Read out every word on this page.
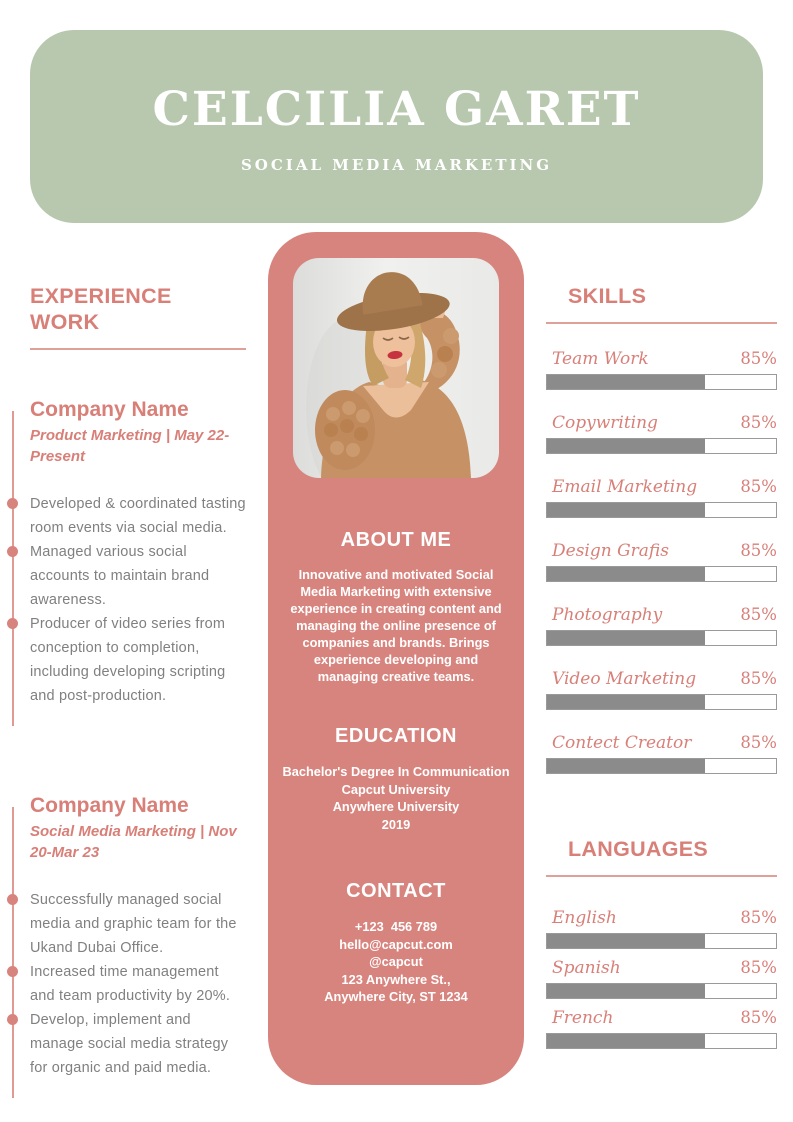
CELCILIA GARET
SOCIAL MEDIA MARKETING
EXPERIENCE WORK
Company Name

Product Marketing | May 22-Present

Developed & coordinated tasting room events via social media.
Managed various social accounts to maintain brand awareness.
Producer of video series from conception to completion, including developing scripting and post-production.
Company Name

Social Media Marketing | Nov 20-Mar 23

Successfully managed social media and graphic team for the Ukand Dubai Office.
Increased time management and team productivity by 20%.
Develop, implement and manage social media strategy for organic and paid media.
ABOUT ME
Innovative and motivated Social Media Marketing with extensive experience in creating content and managing the online presence of companies and brands. Brings experience developing and managing creative teams.
EDUCATION
Bachelor's Degree In Communication
Capcut University
Anywhere University
2019
CONTACT
+123  456 789
hello@capcut.com
@capcut
123 Anywhere St.,
Anywhere City, ST 1234
SKILLS
Team Work	85%
Copywriting	85%
Email Marketing	85%
Design Grafis	85%
Photography	85%
Video Marketing	85%
Contect Creator	85%
LANGUAGES
English	85%
Spanish	85%
French	85%
